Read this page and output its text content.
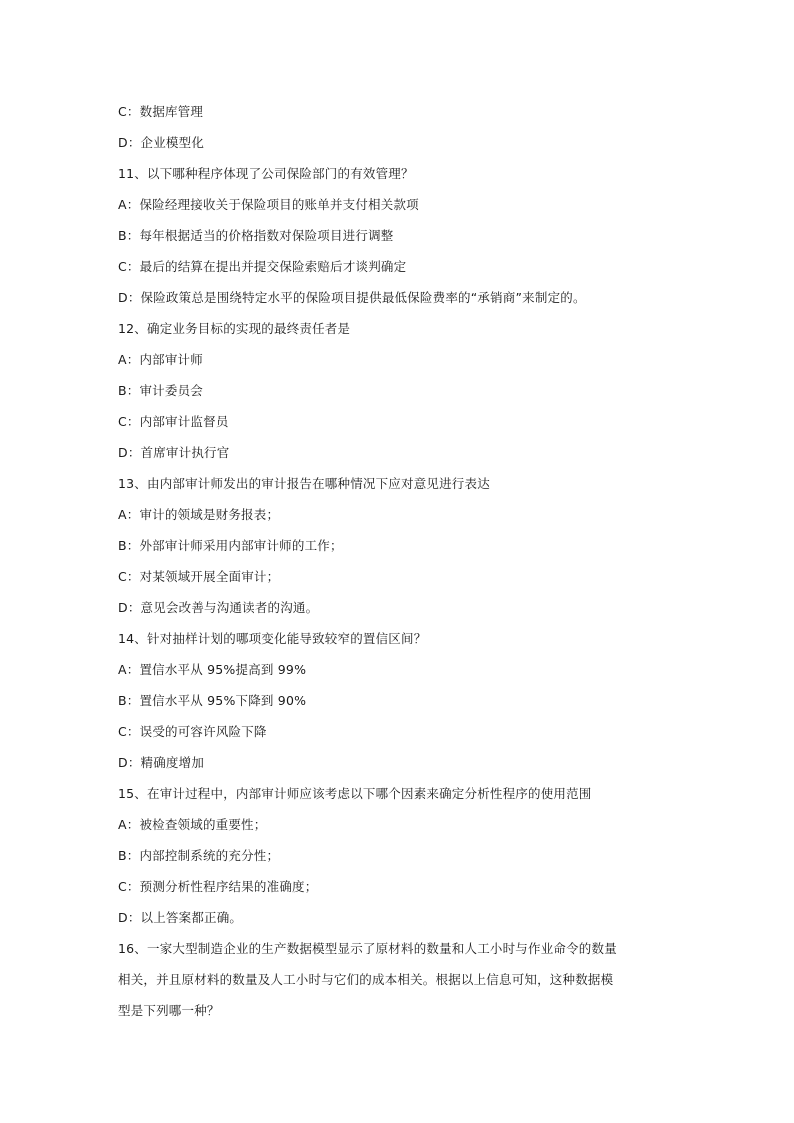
C：数据库管理
D：企业模型化
11、以下哪种程序体现了公司保险部门的有效管理？
A：保险经理接收关于保险项目的账单并支付相关款项
B：每年根据适当的价格指数对保险项目进行调整
C：最后的结算在提出并提交保险索赔后才谈判确定
D：保险政策总是围绕特定水平的保险项目提供最低保险费率的“承销商”来制定的。
12、确定业务目标的实现的最终责任者是
A：内部审计师
B：审计委员会
C：内部审计监督员
D：首席审计执行官
13、由内部审计师发出的审计报告在哪种情况下应对意见进行表达
A：审计的领域是财务报表；
B：外部审计师采用内部审计师的工作；
C：对某领域开展全面审计；
D：意见会改善与沟通读者的沟通。
14、针对抽样计划的哪项变化能导致较窄的置信区间？
A：置信水平从 95%提高到 99%
B：置信水平从 95%下降到 90%
C：误受的可容许风险下降
D：精确度增加
15、在审计过程中，内部审计师应该考虑以下哪个因素来确定分析性程序的使用范围
A：被检查领域的重要性；
B：内部控制系统的充分性；
C：预测分析性程序结果的准确度；
D：以上答案都正确。
16、一家大型制造企业的生产数据模型显示了原材料的数量和人工小时与作业命令的数量
相关，并且原材料的数量及人工小时与它们的成本相关。根据以上信息可知，这种数据模
型是下列哪一种？
